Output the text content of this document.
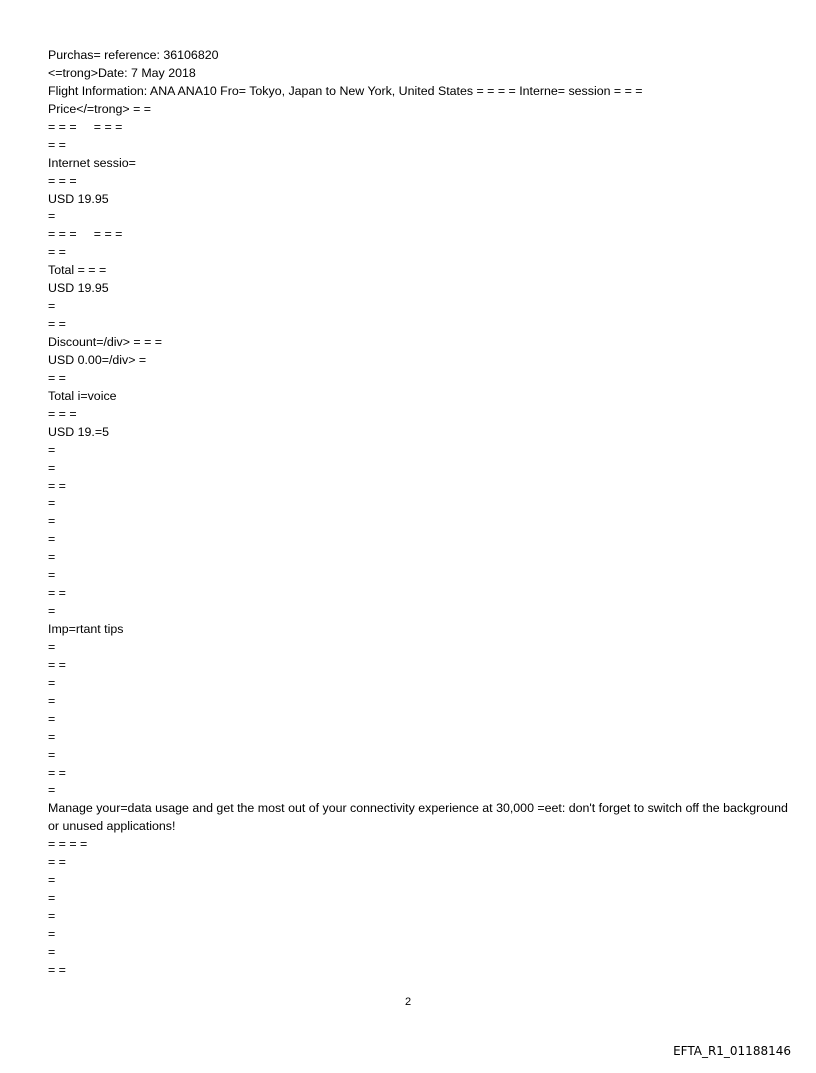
Purchas= reference: 36106820
<=trong>Date: 7 May 2018
Flight Information: ANA ANA10 Fro= Tokyo, Japan to New York, United States = = = = Interne= session = = =
Price</=trong> = =
= = =     = = =
= =
Internet sessio=
= = =
USD 19.95
=
= = =     = = =
= =
Total = = =
USD 19.95
=
= =
Discount=/div> = = =
USD 0.00=/div> =
= =
Total i=voice
= = =
USD 19.=5
=
=
= =
=
=
=
=
=
= =
=
Imp=rtant tips
=
= =
=
=
=
=
=
= =
=
Manage your=data usage and get the most out of your connectivity experience at 30,000 =eet: don't forget to switch off the background or unused applications!
= = = =
= =
=
=
=
=
=
= =
2
EFTA_R1_01188146
